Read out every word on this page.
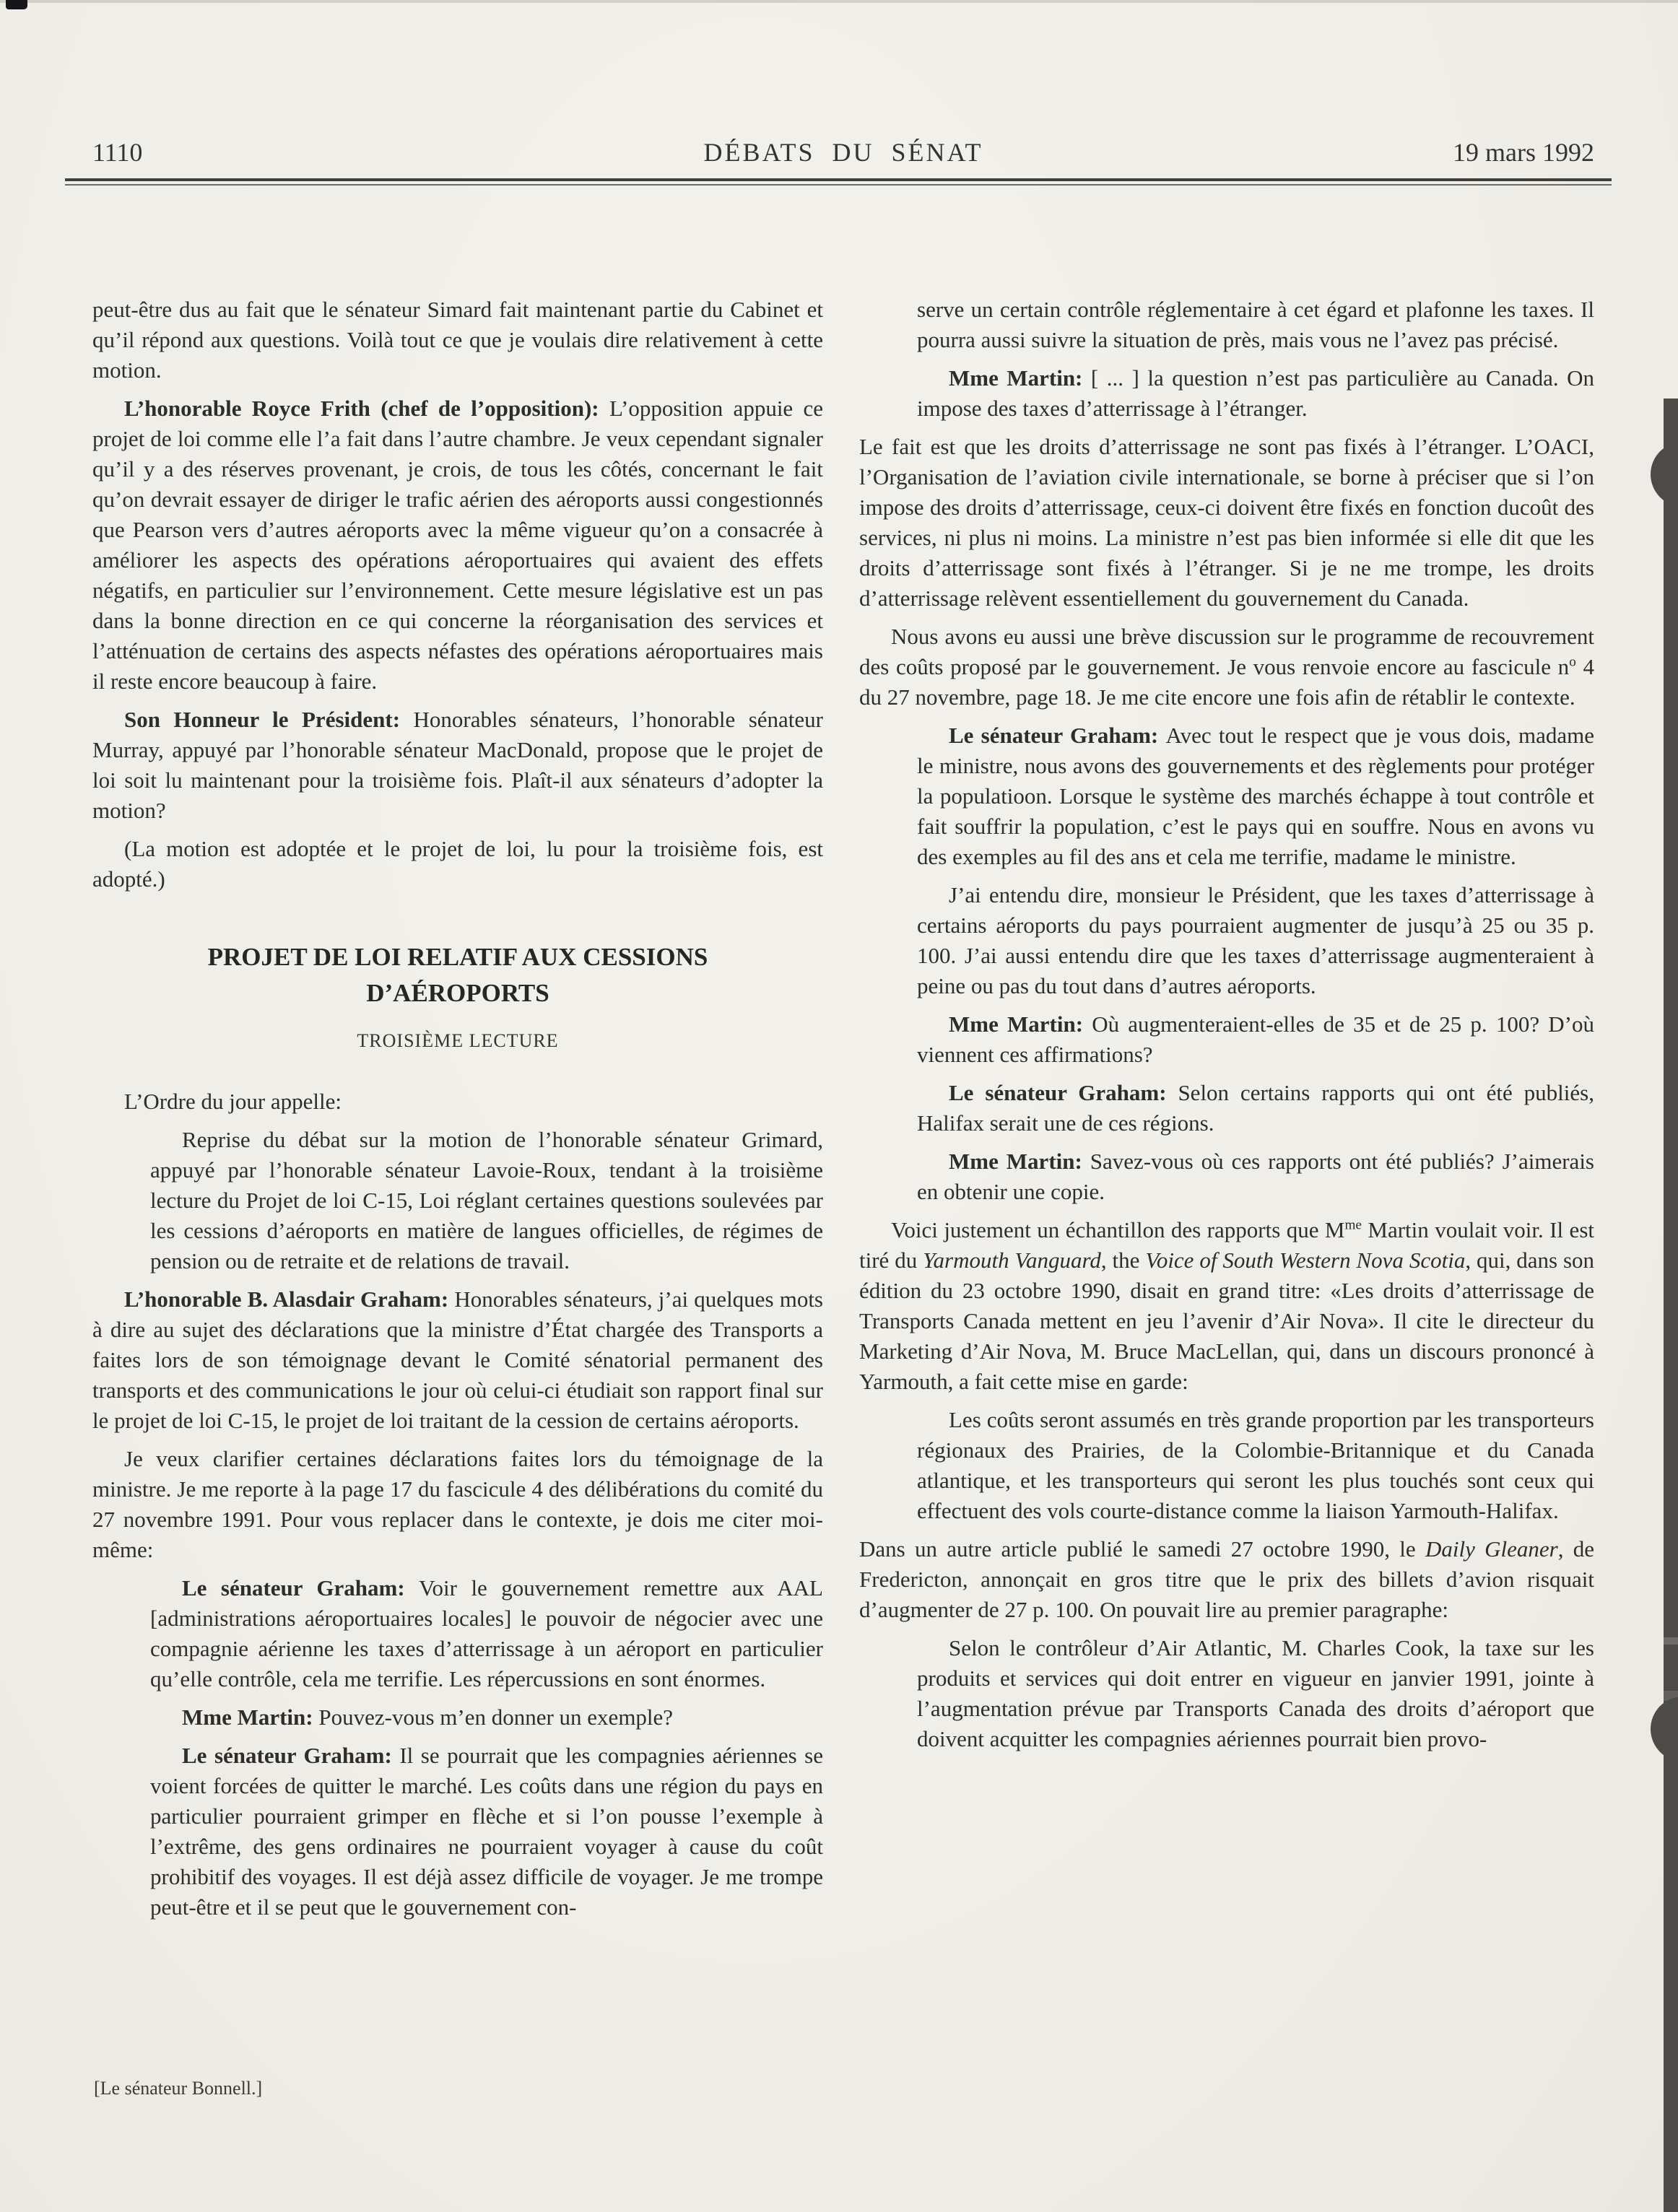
1110	DÉBATS DU SÉNAT	19 mars 1992

peut-être dus au fait que le sénateur Simard fait maintenant partie du Cabinet et qu’il répond aux questions. Voilà tout ce que je voulais dire relativement à cette motion.

L’honorable Royce Frith (chef de l’opposition): L’opposition appuie ce projet de loi comme elle l’a fait dans l’autre chambre. Je veux cependant signaler qu’il y a des réserves provenant, je crois, de tous les côtés, concernant le fait qu’on devrait essayer de diriger le trafic aérien des aéroports aussi congestionnés que Pearson vers d’autres aéroports avec la même vigueur qu’on a consacrée à améliorer les aspects des opérations aéroportuaires qui avaient des effets négatifs, en particulier sur l’environnement. Cette mesure législative est un pas dans la bonne direction en ce qui concerne la réorganisation des services et l’atténuation de certains des aspects néfastes des opérations aéroportuaires mais il reste encore beaucoup à faire.

Son Honneur le Président: Honorables sénateurs, l’honorable sénateur Murray, appuyé par l’honorable sénateur MacDonald, propose que le projet de loi soit lu maintenant pour la troisième fois. Plaît-il aux sénateurs d’adopter la motion?

(La motion est adoptée et le projet de loi, lu pour la troisième fois, est adopté.)

PROJET DE LOI RELATIF AUX CESSIONS D’AÉROPORTS

TROISIÈME LECTURE

L’Ordre du jour appelle:

Reprise du débat sur la motion de l’honorable sénateur Grimard, appuyé par l’honorable sénateur Lavoie-Roux, tendant à la troisième lecture du Projet de loi C-15, Loi réglant certaines questions soulevées par les cessions d’aéroports en matière de langues officielles, de régimes de pension ou de retraite et de relations de travail.

L’honorable B. Alasdair Graham: Honorables sénateurs, j’ai quelques mots à dire au sujet des déclarations que la ministre d’État chargée des Transports a faites lors de son témoignage devant le Comité sénatorial permanent des transports et des communications le jour où celui-ci étudiait son rapport final sur le projet de loi C-15, le projet de loi traitant de la cession de certains aéroports.

Je veux clarifier certaines déclarations faites lors du témoignage de la ministre. Je me reporte à la page 17 du fascicule 4 des délibérations du comité du 27 novembre 1991. Pour vous replacer dans le contexte, je dois me citer moi-même:

Le sénateur Graham: Voir le gouvernement remettre aux AAL [administrations aéroportuaires locales] le pouvoir de négocier avec une compagnie aérienne les taxes d’atterrissage à un aéroport en particulier qu’elle contrôle, cela me terrifie. Les répercussions en sont énormes.

Mme Martin: Pouvez-vous m’en donner un exemple?

Le sénateur Graham: Il se pourrait que les compagnies aériennes se voient forcées de quitter le marché. Les coûts dans une région du pays en particulier pourraient grimper en flèche et si l’on pousse l’exemple à l’extrême, des gens ordinaires ne pourraient voyager à cause du coût prohibitif des voyages. Il est déjà assez difficile de voyager. Je me trompe peut-être et il se peut que le gouvernement con-

serve un certain contrôle réglementaire à cet égard et plafonne les taxes. Il pourra aussi suivre la situation de près, mais vous ne l’avez pas précisé.

Mme Martin: [ ... ] la question n’est pas particulière au Canada. On impose des taxes d’atterrissage à l’étranger.

Le fait est que les droits d’atterrissage ne sont pas fixés à l’étranger. L’OACI, l’Organisation de l’aviation civile internationale, se borne à préciser que si l’on impose des droits d’atterrissage, ceux-ci doivent être fixés en fonction ducoût des services, ni plus ni moins. La ministre n’est pas bien informée si elle dit que les droits d’atterrissage sont fixés à l’étranger. Si je ne me trompe, les droits d’atterrissage relèvent essentiellement du gouvernement du Canada.

Nous avons eu aussi une brève discussion sur le programme de recouvrement des coûts proposé par le gouvernement. Je vous renvoie encore au fascicule $n^o$ 4 du 27 novembre, page 18. Je me cite encore une fois afin de rétablir le contexte.

Le sénateur Graham: Avec tout le respect que je vous dois, madame le ministre, nous avons des gouvernements et des règlements pour protéger la populatioon. Lorsque le système des marchés échappe à tout contrôle et fait souffrir la population, c’est le pays qui en souffre. Nous en avons vu des exemples au fil des ans et cela me terrifie, madame le ministre.

J’ai entendu dire, monsieur le Président, que les taxes d’atterrissage à certains aéroports du pays pourraient augmenter de jusqu’à 25 ou 35 p. 100. J’ai aussi entendu dire que les taxes d’atterrissage augmenteraient à peine ou pas du tout dans d’autres aéroports.

Mme Martin: Où augmenteraient-elles de 35 et de 25 p. 100? D’où viennent ces affirmations?

Le sénateur Graham: Selon certains rapports qui ont été publiés, Halifax serait une de ces régions.

Mme Martin: Savez-vous où ces rapports ont été publiés? J’aimerais en obtenir une copie.

Voici justement un échantillon des rapports que $M^{me}$ Martin voulait voir. Il est tiré du Yarmouth Vanguard, the Voice of South Western Nova Scotia, qui, dans son édition du 23 octobre 1990, disait en grand titre: «Les droits d’atterrissage de Transports Canada mettent en jeu l’avenir d’Air Nova». Il cite le directeur du Marketing d’Air Nova, M. Bruce MacLellan, qui, dans un discours prononcé à Yarmouth, a fait cette mise en garde:

Les coûts seront assumés en très grande proportion par les transporteurs régionaux des Prairies, de la Colombie-Britannique et du Canada atlantique, et les transporteurs qui seront les plus touchés sont ceux qui effectuent des vols courte-distance comme la liaison Yarmouth-Halifax.

Dans un autre article publié le samedi 27 octobre 1990, le Daily Gleaner, de Fredericton, annonçait en gros titre que le prix des billets d’avion risquait d’augmenter de 27 p. 100. On pouvait lire au premier paragraphe:

Selon le contrôleur d’Air Atlantic, M. Charles Cook, la taxe sur les produits et services qui doit entrer en vigueur en janvier 1991, jointe à l’augmentation prévue par Transports Canada des droits d’aéroport que doivent acquitter les compagnies aériennes pourrait bien provo-

[Le sénateur Bonnell.]
